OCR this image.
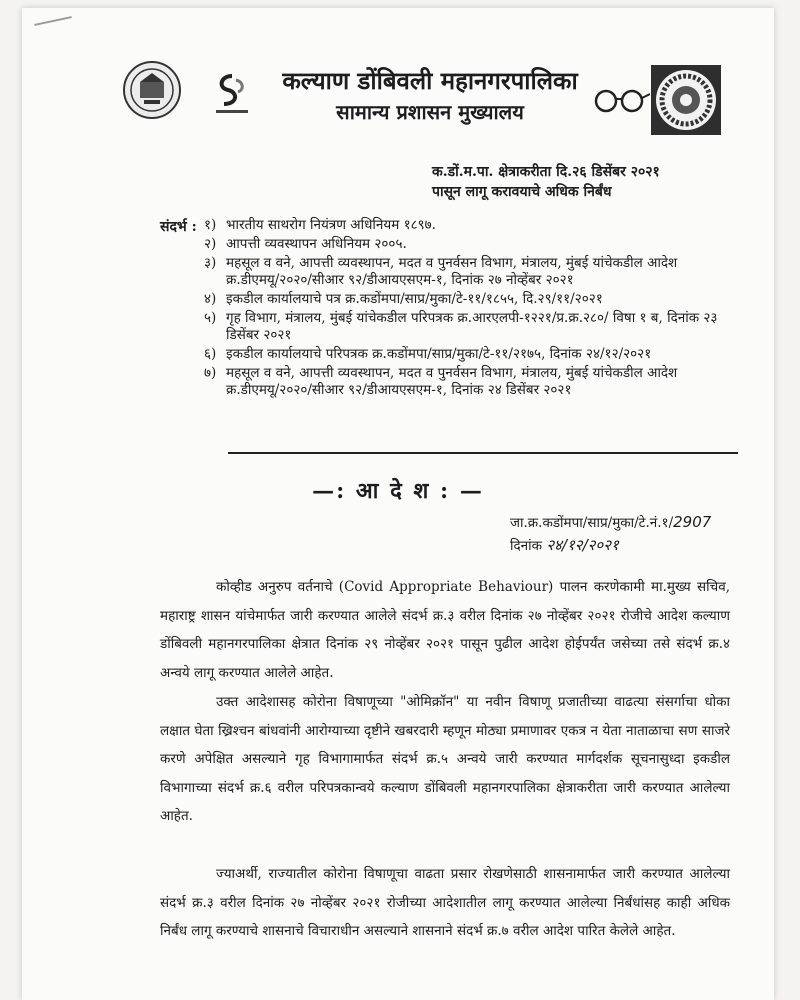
कल्याण डोंबिवली महानगरपालिका
सामान्य प्रशासन मुख्यालय
क.डों.म.पा. क्षेत्राकरीता दि.२६ डिसेंबर २०२१
पासून लागू करावयाचे अधिक निर्बंध
संदर्भ : १) भारतीय साथरोग नियंत्रण अधिनियम १८९७.
२) आपत्ती व्यवस्थापन अधिनियम २००५.
३) महसूल व वने, आपत्ती व्यवस्थापन, मदत व पुनर्वसन विभाग, मंत्रालय, मुंबई यांचेकडील आदेश क्र.डीएमयू/२०२०/सीआर ९२/डीआयएसएम-१, दिनांक २७ नोव्हेंबर २०२१
४) इकडील कार्यालयाचे पत्र क्र.कडोंमपा/साप्र/मुका/टे-११/१८५५, दि.२९/११/२०२१
५) गृह विभाग, मंत्रालय, मुंबई यांचेकडील परिपत्रक क्र.आरएलपी-१२२१/प्र.क्र.२८०/ विषा १ ब, दिनांक २३ डिसेंबर २०२१
६) इकडील कार्यालयाचे परिपत्रक क्र.कडोंमपा/साप्र/मुका/टे-११/२१७५, दिनांक २४/१२/२०२१
७) महसूल व वने, आपत्ती व्यवस्थापन, मदत व पुनर्वसन विभाग, मंत्रालय, मुंबई यांचेकडील आदेश क्र.डीएमयू/२०२०/सीआर ९२/डीआयएसएम-१, दिनांक २४ डिसेंबर २०२१
—: आ दे श : —
जा.क्र.कडोंमपा/साप्र/मुका/टे.नं.१/2907
दिनांक २४/१२/२०२१
कोव्हीड अनुरुप वर्तनाचे (Covid Appropriate Behaviour) पालन करणेकामी मा.मुख्य सचिव, महाराष्ट्र शासन यांचेमार्फत जारी करण्यात आलेले संदर्भ क्र.३ वरील दिनांक २७ नोव्हेंबर २०२१ रोजीचे आदेश कल्याण डोंबिवली महानगरपालिका क्षेत्रात दिनांक २९ नोव्हेंबर २०२१ पासून पुढील आदेश होईपर्यंत जसेच्या तसे संदर्भ क्र.४ अन्वये लागू करण्यात आलेले आहेत.
उक्त आदेशासह कोरोना विषाणूच्या "ओमिक्रॉन" या नवीन विषाणू प्रजातीच्या वाढत्या संसर्गाचा धोका लक्षात घेता ख्रिश्चन बांधवांनी आरोग्याच्या दृष्टीने खबरदारी म्हणून मोठ्या प्रमाणावर एकत्र न येता नाताळाचा सण साजरे करणे अपेक्षित असल्याने गृह विभागामार्फत संदर्भ क्र.५ अन्वये जारी करण्यात मार्गदर्शक सूचनासुध्दा इकडील विभागाच्या संदर्भ क्र.६ वरील परिपत्रकान्वये कल्याण डोंबिवली महानगरपालिका क्षेत्राकरीता जारी करण्यात आलेल्या आहेत.
ज्याअर्थी, राज्यातील कोरोना विषाणूचा वाढता प्रसार रोखणेसाठी शासनामार्फत जारी करण्यात आलेल्या संदर्भ क्र.३ वरील दिनांक २७ नोव्हेंबर २०२१ रोजीच्या आदेशातील लागू करण्यात आलेल्या निर्बंधांसह काही अधिक निर्बंध लागू करण्याचे शासनाचे विचाराधीन असल्याने शासनाने संदर्भ क्र.७ वरील आदेश पारित केलेले आहेत.
